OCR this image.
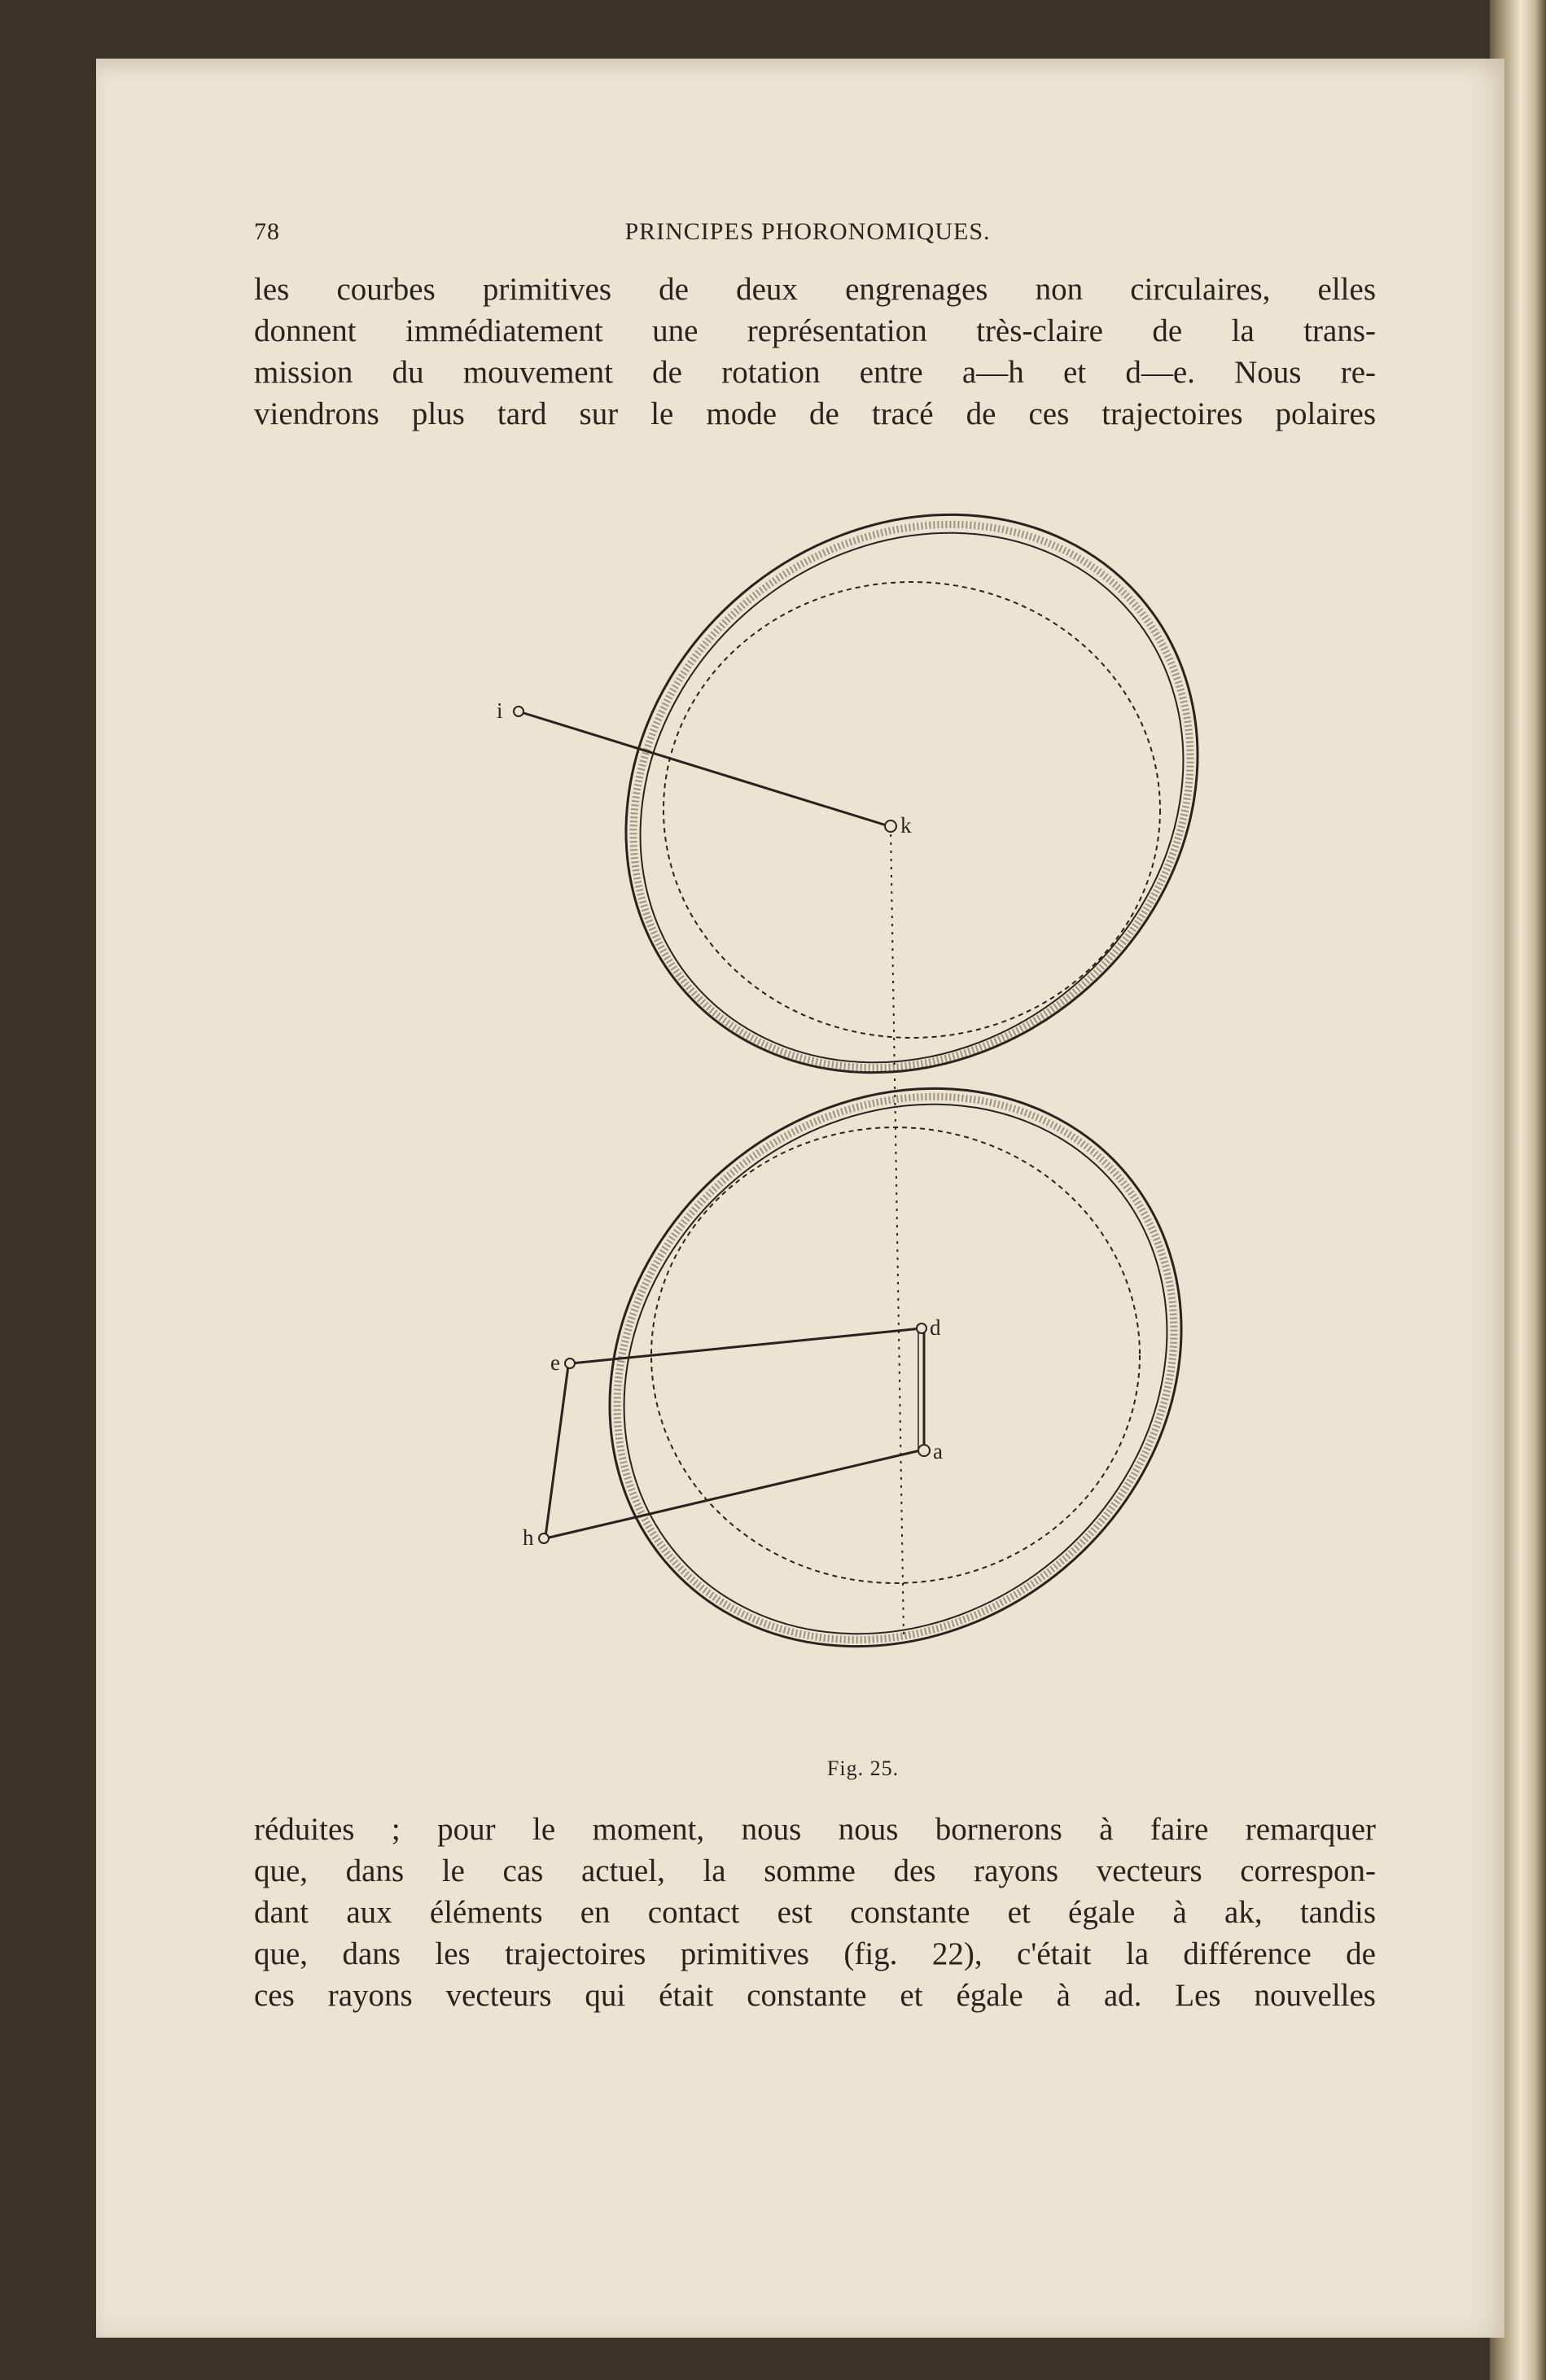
78	PRINCIPES PHORONOMIQUES.
les courbes primitives de deux engrenages non circulaires, elles
donnent immédiatement une représentation très-claire de la trans-
mission du mouvement de rotation entre a—h et d—e. Nous re-
viendrons plus tard sur le mode de tracé de ces trajectoires polaires
i
k
e
d
a
h
Fig. 25.
réduites ; pour le moment, nous nous bornerons à faire remarquer
que, dans le cas actuel, la somme des rayons vecteurs correspon-
dant aux éléments en contact est constante et égale à ak, tandis
que, dans les trajectoires primitives (fig. 22), c'était la différence de
ces rayons vecteurs qui était constante et égale à ad. Les nouvelles
